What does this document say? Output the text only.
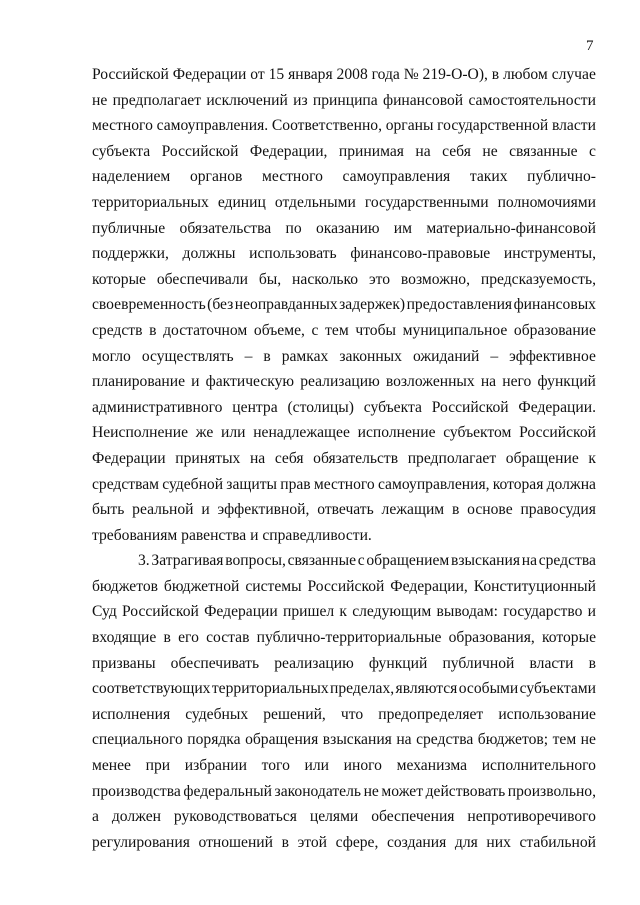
7
Российской Федерации от 15 января 2008 года № 219-О-О), в любом случае
не предполагает исключений из принципа финансовой самостоятельности
местного самоуправления. Соответственно, органы государственной власти
субъекта Российской Федерации, принимая на себя не связанные с
наделением органов местного самоуправления таких публично-
территориальных единиц отдельными государственными полномочиями
публичные обязательства по оказанию им материально-финансовой
поддержки, должны использовать финансово-правовые инструменты,
которые обеспечивали бы, насколько это возможно, предсказуемость,
своевременность (без неоправданных задержек) предоставления финансовых
средств в достаточном объеме, с тем чтобы муниципальное образование
могло осуществлять – в рамках законных ожиданий – эффективное
планирование и фактическую реализацию возложенных на него функций
административного центра (столицы) субъекта Российской Федерации.
Неисполнение же или ненадлежащее исполнение субъектом Российской
Федерации принятых на себя обязательств предполагает обращение к
средствам судебной защиты прав местного самоуправления, которая должна
быть реальной и эффективной, отвечать лежащим в основе правосудия
требованиям равенства и справедливости.
3. Затрагивая вопросы, связанные с обращением взыскания на средства
бюджетов бюджетной системы Российской Федерации, Конституционный
Суд Российской Федерации пришел к следующим выводам: государство и
входящие в его состав публично-территориальные образования, которые
призваны обеспечивать реализацию функций публичной власти в
соответствующих территориальных пределах, являются особыми субъектами
исполнения судебных решений, что предопределяет использование
специального порядка обращения взыскания на средства бюджетов; тем не
менее при избрании того или иного механизма исполнительного
производства федеральный законодатель не может действовать произвольно,
а должен руководствоваться целями обеспечения непротиворечивого
регулирования отношений в этой сфере, создания для них стабильной
